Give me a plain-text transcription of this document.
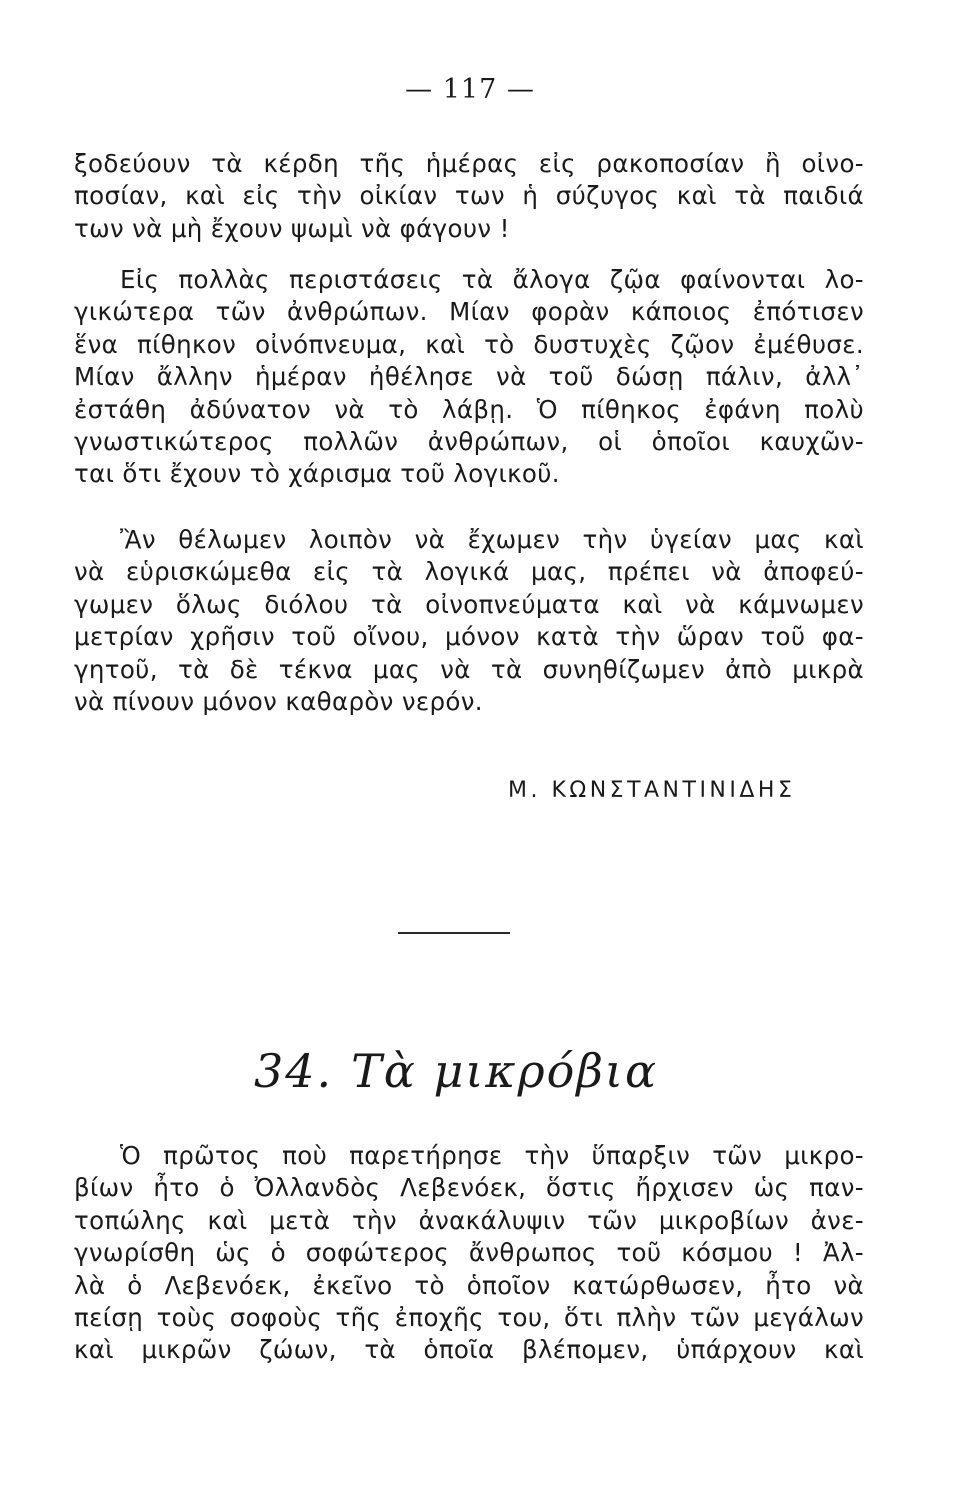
— 117 —
ξοδεύουν τὰ κέρδη τῆς ἡμέρας εἰς ρακοποσίαν ἢ οἰνο-
ποσίαν, καὶ εἰς τὴν οἰκίαν των ἡ σύζυγος καὶ τὰ παιδιά
των νὰ μὴ ἔχουν ψωμὶ νὰ φάγουν !
Εἰς πολλὰς περιστάσεις τὰ ἄλογα ζῷα φαίνονται λο-
γικώτερα τῶν ἀνθρώπων. Μίαν φορὰν κάποιος ἐπότισεν
ἕνα πίθηκον οἰνόπνευμα, καὶ τὸ δυστυχὲς ζῷον ἐμέθυσε.
Μίαν ἄλλην ἡμέραν ἠθέλησε νὰ τοῦ δώσῃ πάλιν, ἀλλ᾽
ἐστάθη ἀδύνατον νὰ τὸ λάβῃ. Ὁ πίθηκος ἐφάνη πολὺ
γνωστικώτερος πολλῶν ἀνθρώπων, οἱ ὁποῖοι καυχῶν-
ται ὅτι ἔχουν τὸ χάρισμα τοῦ λογικοῦ.
Ἂν θέλωμεν λοιπὸν νὰ ἔχωμεν τὴν ὑγείαν μας καὶ
νὰ εὑρισκώμεθα εἰς τὰ λογικά μας, πρέπει νὰ ἀποφεύ-
γωμεν ὅλως διόλου τὰ οἰνοπνεύματα καὶ νὰ κάμνωμεν
μετρίαν χρῆσιν τοῦ οἴνου, μόνον κατὰ τὴν ὥραν τοῦ φα-
γητοῦ, τὰ δὲ τέκνα μας νὰ τὰ συνηθίζωμεν ἀπὸ μικρὰ
νὰ πίνουν μόνον καθαρὸν νερόν.
Μ. ΚΩΝΣΤΑΝΤΙΝΙΔΗΣ
34. Τὰ μικρόβια
Ὁ πρῶτος ποὺ παρετήρησε τὴν ὕπαρξιν τῶν μικρο-
βίων ἦτο ὁ Ὀλλανδὸς Λεβενόεκ, ὅστις ἤρχισεν ὡς παν-
τοπώλης καὶ μετὰ τὴν ἀνακάλυψιν τῶν μικροβίων ἀνε-
γνωρίσθη ὡς ὁ σοφώτερος ἄνθρωπος τοῦ κόσμου ! Ἀλ-
λὰ ὁ Λεβενόεκ, ἐκεῖνο τὸ ὁποῖον κατώρθωσεν, ἦτο νὰ
πείσῃ τοὺς σοφοὺς τῆς ἐποχῆς του, ὅτι πλὴν τῶν μεγάλων
καὶ μικρῶν ζώων, τὰ ὁποῖα βλέπομεν, ὑπάρχουν καὶ
